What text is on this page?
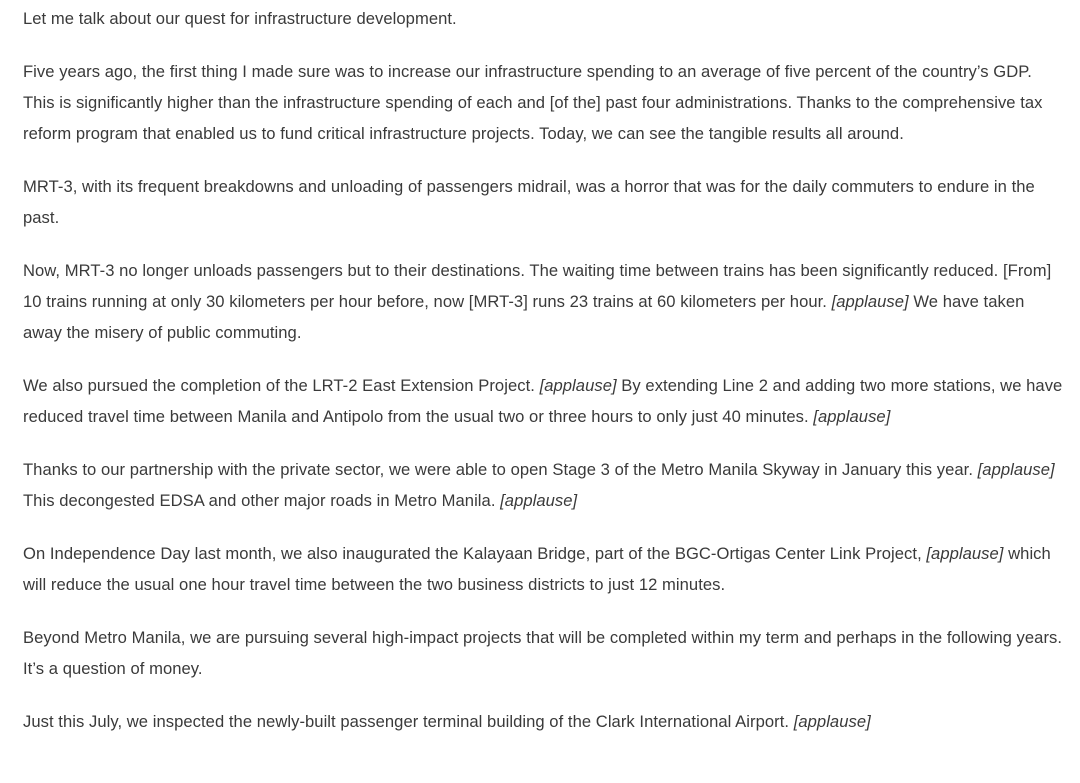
Let me talk about our quest for infrastructure development.

Five years ago, the first thing I made sure was to increase our infrastructure spending to an average of five percent of the country’s GDP. This is significantly higher than the infrastructure spending of each and [of the] past four administrations. Thanks to the comprehensive tax reform program that enabled us to fund critical infrastructure projects. Today, we can see the tangible results all around.

MRT-3, with its frequent breakdowns and unloading of passengers midrail, was a horror that was for the daily commuters to endure in the past.

Now, MRT-3 no longer unloads passengers but to their destinations. The waiting time between trains has been significantly reduced. [From] 10 trains running at only 30 kilometers per hour before, now [MRT-3] runs 23 trains at 60 kilometers per hour. [applause] We have taken away the misery of public commuting.

We also pursued the completion of the LRT-2 East Extension Project. [applause] By extending Line 2 and adding two more stations, we have reduced travel time between Manila and Antipolo from the usual two or three hours to only just 40 minutes. [applause]

Thanks to our partnership with the private sector, we were able to open Stage 3 of the Metro Manila Skyway in January this year. [applause] This decongested EDSA and other major roads in Metro Manila. [applause]

On Independence Day last month, we also inaugurated the Kalayaan Bridge, part of the BGC-Ortigas Center Link Project, [applause] which will reduce the usual one hour travel time between the two business districts to just 12 minutes.

Beyond Metro Manila, we are pursuing several high-impact projects that will be completed within my term and perhaps in the following years. It’s a question of money.

Just this July, we inspected the newly-built passenger terminal building of the Clark International Airport. [applause]
